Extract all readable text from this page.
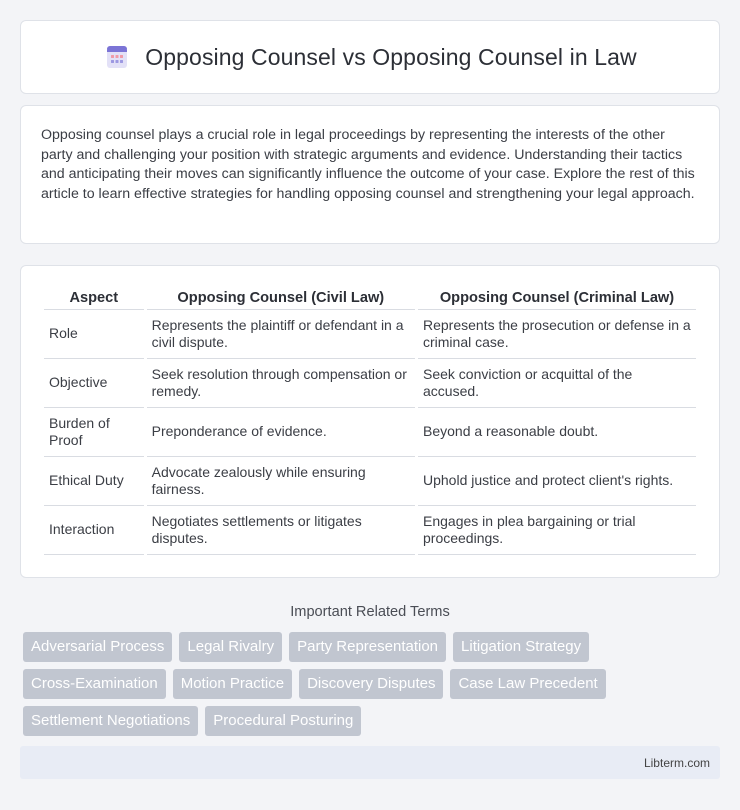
Opposing Counsel vs Opposing Counsel in Law

Opposing counsel plays a crucial role in legal proceedings by representing the interests of the other party and challenging your position with strategic arguments and evidence. Understanding their tactics and anticipating their moves can significantly influence the outcome of your case. Explore the rest of this article to learn effective strategies for handling opposing counsel and strengthening your legal approach.

Aspect	Opposing Counsel (Civil Law)	Opposing Counsel (Criminal Law)
Role	Represents the plaintiff or defendant in a civil dispute.	Represents the prosecution or defense in a criminal case.
Objective	Seek resolution through compensation or remedy.	Seek conviction or acquittal of the accused.
Burden of Proof	Preponderance of evidence.	Beyond a reasonable doubt.
Ethical Duty	Advocate zealously while ensuring fairness.	Uphold justice and protect client's rights.
Interaction	Negotiates settlements or litigates disputes.	Engages in plea bargaining or trial proceedings.
Important Related Terms
Adversarial Process	Legal Rivalry	Party Representation	Litigation Strategy
Cross-Examination	Motion Practice	Discovery Disputes	Case Law Precedent
Settlement Negotiations	Procedural Posturing
Libterm.com
